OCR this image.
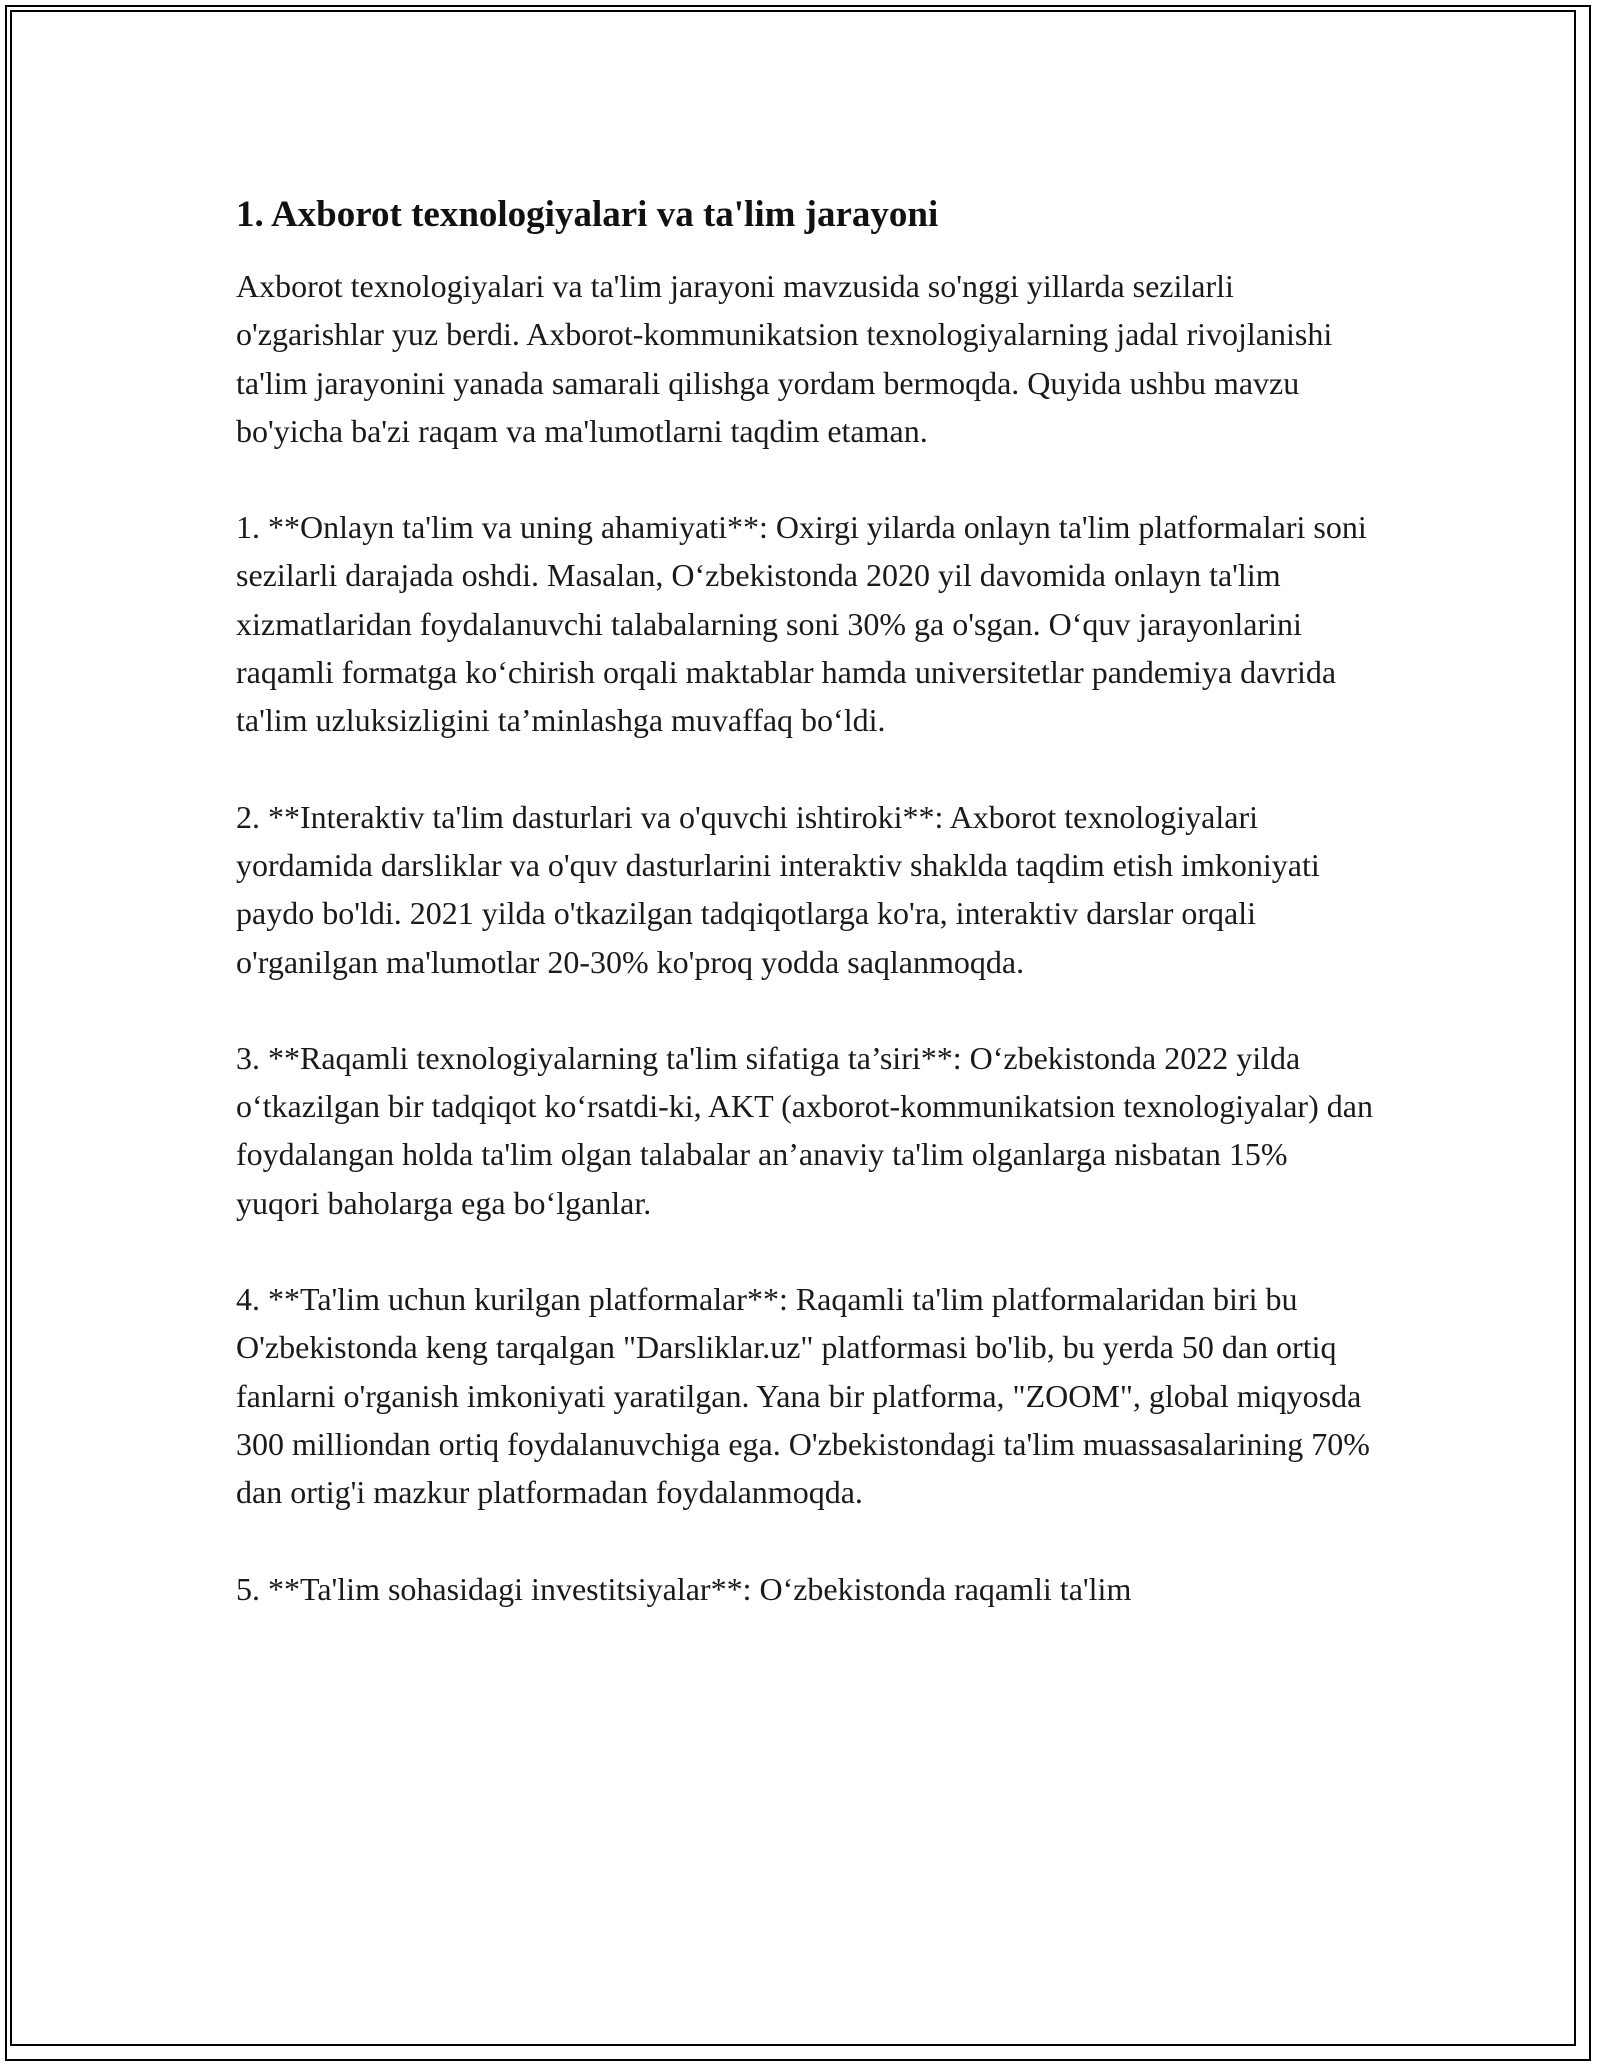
1. Axborot texnologiyalari va ta'lim jarayoni

Axborot texnologiyalari va ta'lim jarayoni mavzusida so'nggi yillarda sezilarli o'zgarishlar yuz berdi. Axborot-kommunikatsion texnologiyalarning jadal rivojlanishi ta'lim jarayonini yanada samarali qilishga yordam bermoqda. Quyida ushbu mavzu bo'yicha ba'zi raqam va ma'lumotlarni taqdim etaman.

1. **Onlayn ta'lim va uning ahamiyati**: Oxirgi yilarda onlayn ta'lim platformalari soni sezilarli darajada oshdi. Masalan, O‘zbekistonda 2020 yil davomida onlayn ta'lim xizmatlaridan foydalanuvchi talabalarning soni 30% ga o'sgan. O‘quv jarayonlarini raqamli formatga ko‘chirish orqali maktablar hamda universitetlar pandemiya davrida ta'lim uzluksizligini ta’minlashga muvaffaq bo‘ldi.

2. **Interaktiv ta'lim dasturlari va o'quvchi ishtiroki**: Axborot texnologiyalari yordamida darsliklar va o'quv dasturlarini interaktiv shaklda taqdim etish imkoniyati paydo bo'ldi. 2021 yilda o'tkazilgan tadqiqotlarga ko'ra, interaktiv darslar orqali o'rganilgan ma'lumotlar 20-30% ko'proq yodda saqlanmoqda.

3. **Raqamli texnologiyalarning ta'lim sifatiga ta’siri**: O‘zbekistonda 2022 yilda o‘tkazilgan bir tadqiqot ko‘rsatdi-ki, AKT (axborot-kommunikatsion texnologiyalar) dan foydalangan holda ta'lim olgan talabalar an’anaviy ta'lim olganlarga nisbatan 15% yuqori baholarga ega bo‘lganlar.

4. **Ta'lim uchun kurilgan platformalar**: Raqamli ta'lim platformalaridan biri bu O'zbekistonda keng tarqalgan "Darsliklar.uz" platformasi bo'lib, bu yerda 50 dan ortiq fanlarni o'rganish imkoniyati yaratilgan. Yana bir platforma, "ZOOM", global miqyosda 300 milliondan ortiq foydalanuvchiga ega. O'zbekistondagi ta'lim muassasalarining 70% dan ortig'i mazkur platformadan foydalanmoqda.

5. **Ta'lim sohasidagi investitsiyalar**: O‘zbekistonda raqamli ta'lim
